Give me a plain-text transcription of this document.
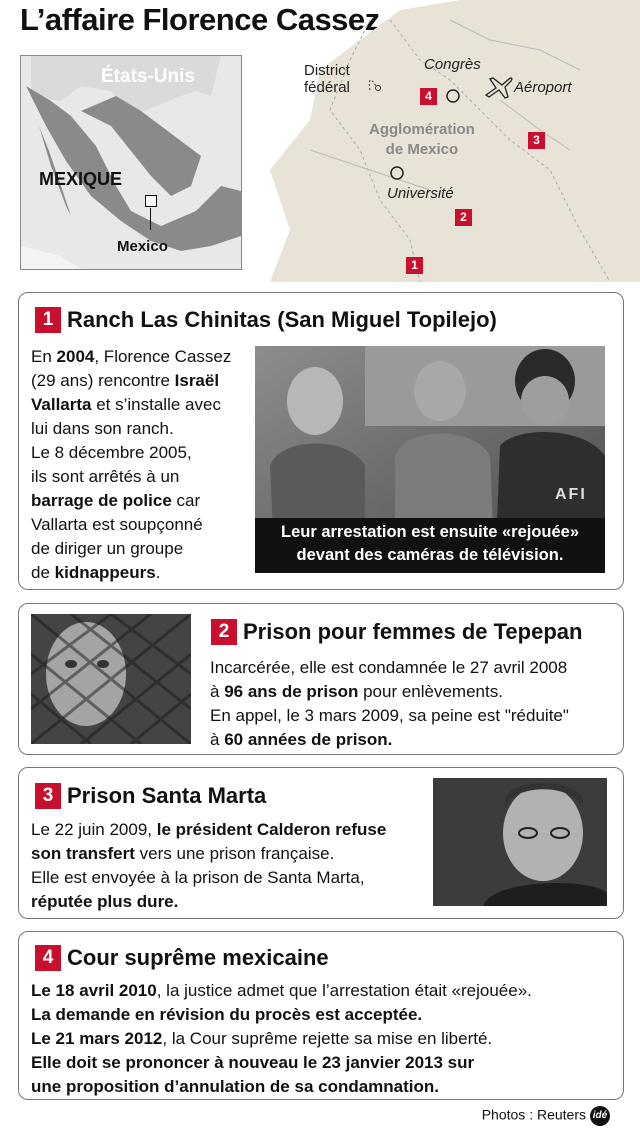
L’affaire Florence Cassez
District
fédéral
Congrès
Aéroport
Agglomération
de Mexico
Université
4
3
2
1
États-Unis
MEXIQUE
Mexico
1 Ranch Las Chinitas (San Miguel Topilejo)
En 2004, Florence Cassez
(29 ans) rencontre Israël
Vallarta et s’installe avec
lui dans son ranch.
Le 8 décembre 2005,
ils sont arrêtés à un
barrage de police car
Vallarta est soupçonné
de diriger un groupe
de kidnappeurs.
AFI
Leur arrestation est ensuite «rejouée»
devant des caméras de télévision.
2 Prison pour femmes de Tepepan
Incarcérée, elle est condamnée le 27 avril 2008
à 96 ans de prison pour enlèvements.
En appel, le 3 mars 2009, sa peine est "réduite"
à 60 années de prison.
3 Prison Santa Marta
Le 22 juin 2009, le président Calderon refuse
son transfert vers une prison française.
Elle est envoyée à la prison de Santa Marta,
réputée plus dure.
4 Cour suprême mexicaine
Le 18 avril 2010, la justice admet que l’arrestation était «rejouée».
La demande en révision du procès est acceptée.
Le 21 mars 2012, la Cour suprême rejette sa mise en liberté.
Elle doit se prononcer à nouveau le 23 janvier 2013 sur
une proposition d’annulation de sa condamnation.
Photos : Reuters idé
